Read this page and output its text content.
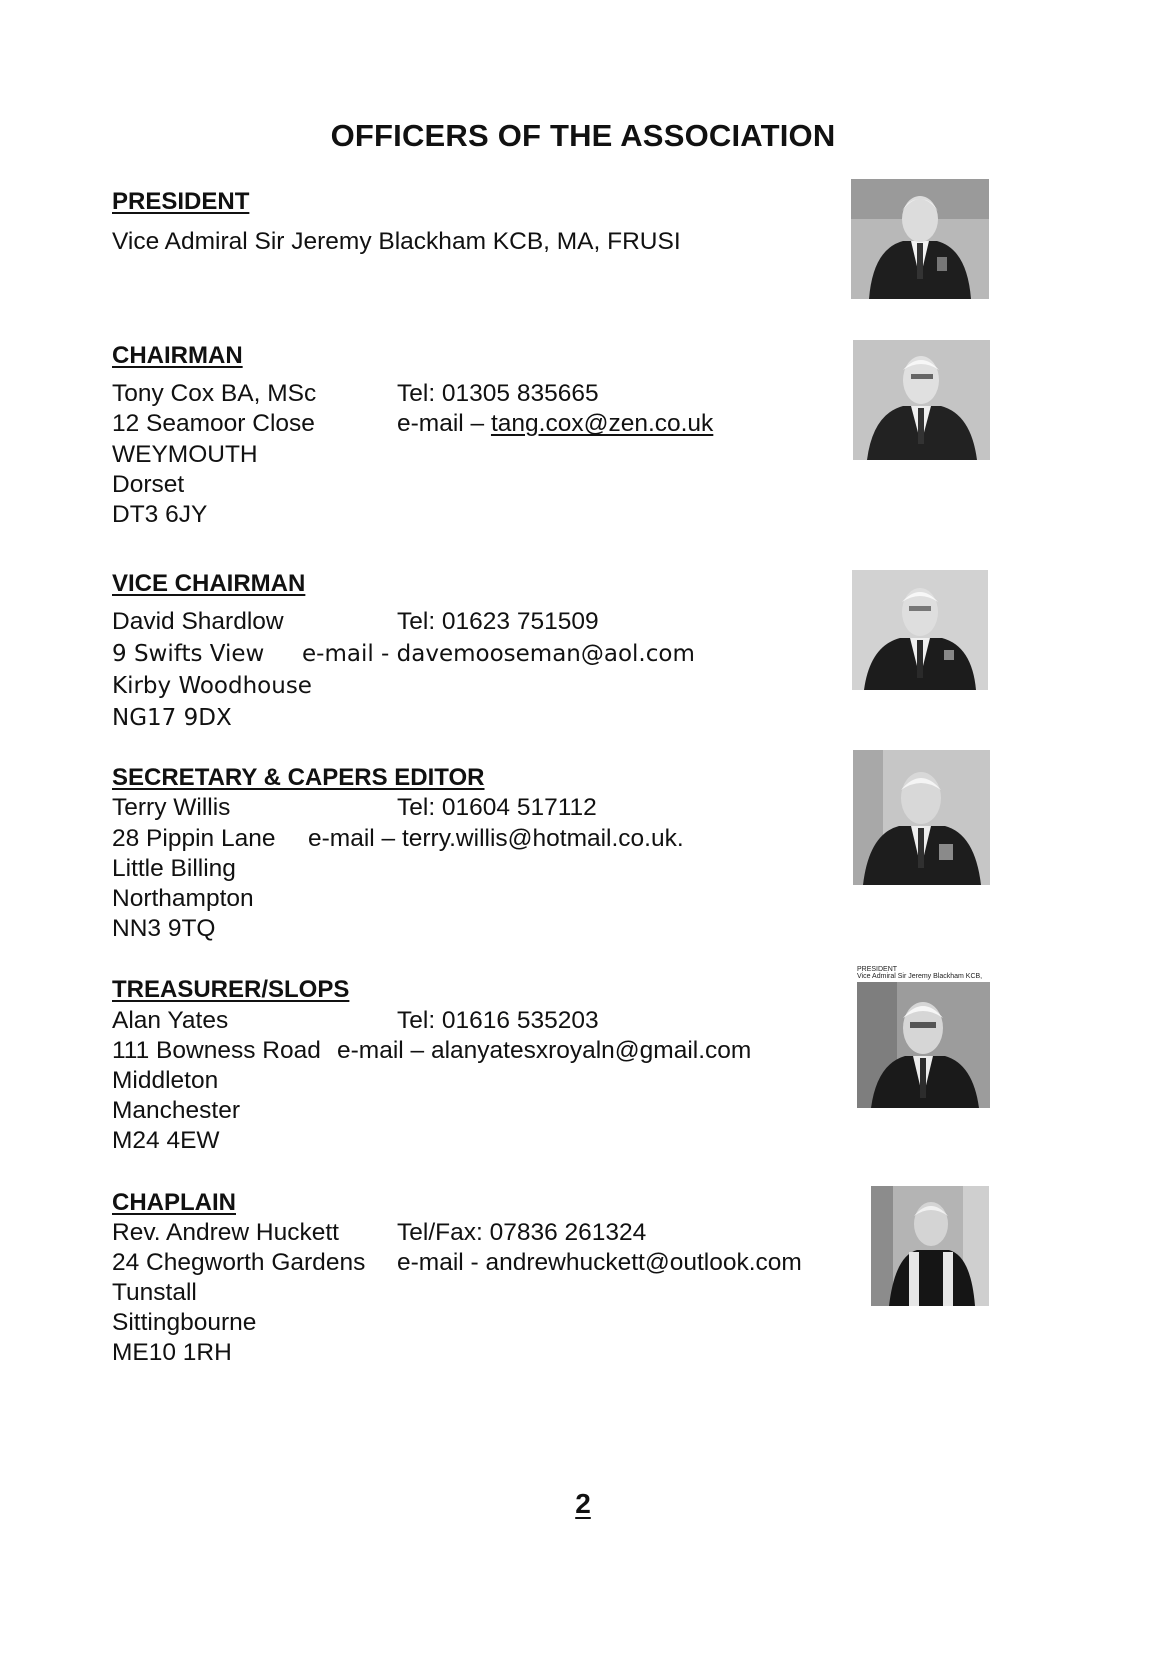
OFFICERS OF THE ASSOCIATION
PRESIDENT
Vice Admiral Sir Jeremy Blackham KCB, MA, FRUSI
CHAIRMAN
Tony Cox BA, MSc	Tel: 01305 835665
12 Seamoor Close	e-mail – tang.cox@zen.co.uk
WEYMOUTH
Dorset
DT3 6JY
VICE CHAIRMAN
David Shardlow	Tel: 01623 751509
9 Swifts View e-mail - davemooseman@aol.com
Kirby Woodhouse
NG17 9DX
SECRETARY & CAPERS EDITOR
Terry Willis	Tel: 01604 517112
28 Pippin Lane e-mail – terry.willis@hotmail.co.uk.
Little Billing
Northampton
NN3 9TQ
TREASURER/SLOPS
Alan Yates	Tel: 01616 535203
111 Bowness Road e-mail – alanyatesxroyaln@gmail.com
Middleton
Manchester
M24 4EW
PRESIDENT
Vice Admiral Sir Jeremy Blackham KCB,
CHAPLAIN
Rev. Andrew Huckett Tel/Fax: 07836 261324
24 Chegworth Gardens e-mail - andrewhuckett@outlook.com
Tunstall
Sittingbourne
ME10 1RH
2
